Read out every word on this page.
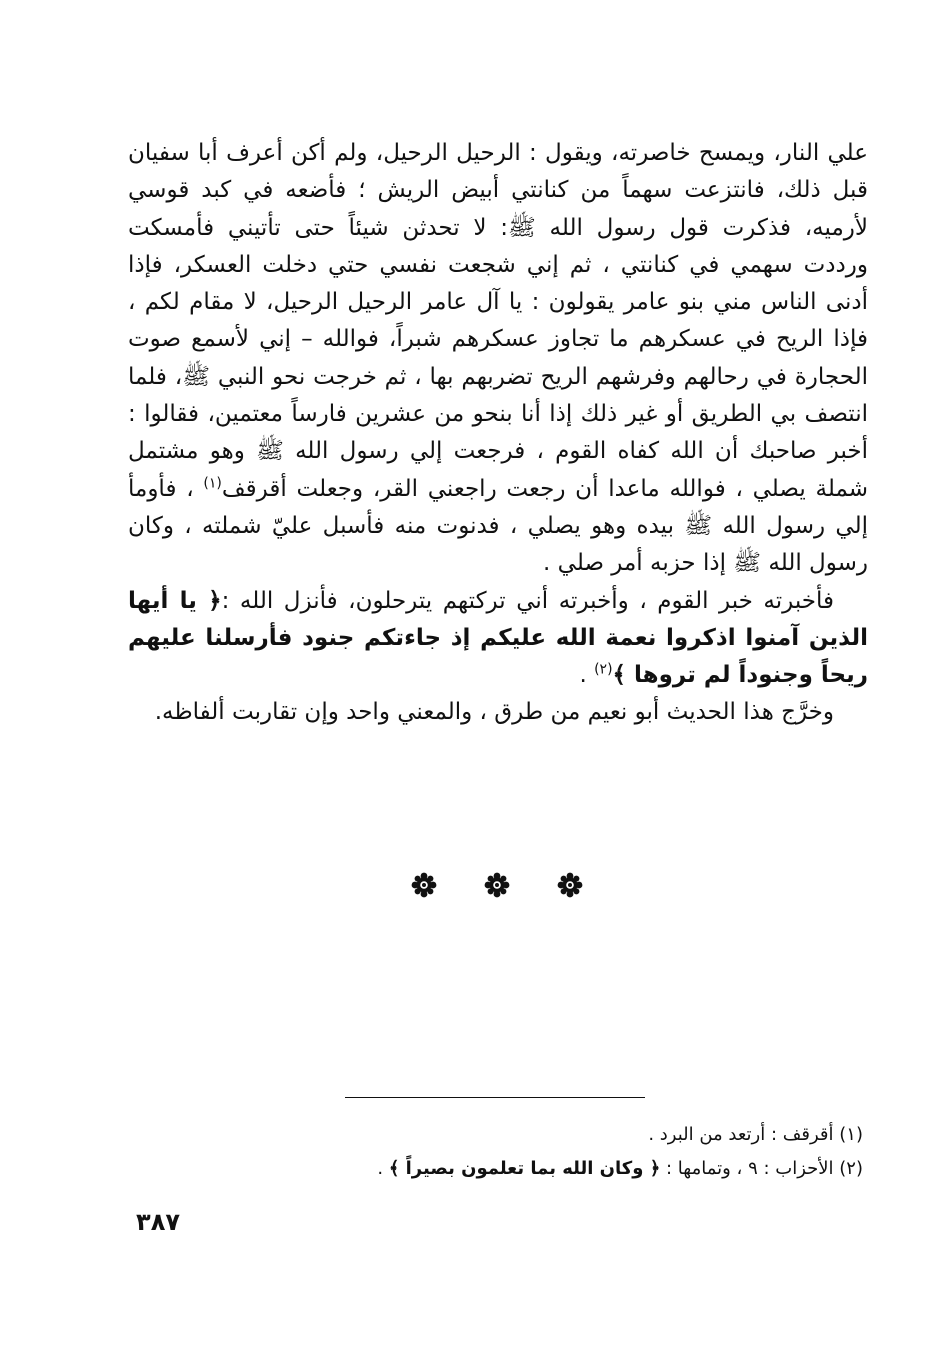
علي النار، ويمسح خاصرته، ويقول : الرحيل الرحيل، ولم أكن أعرف أبا سفيان قبل ذلك، فانتزعت سهماً من كنانتي أبيض الريش ؛ فأضعه في كبد قوسي لأرميه، فذكرت قول رسول الله ﷺ: لا تحدثن شيئاً حتى تأتيني فأمسكت ورددت سهمي في كنانتي ، ثم إني شجعت نفسي حتي دخلت العسكر، فإذا أدنى الناس مني بنو عامر يقولون : يا آل عامر الرحيل الرحيل، لا مقام لكم ، فإذا الريح في عسكرهم ما تجاوز عسكرهم شبراً، فوالله – إني لأسمع صوت الحجارة في رحالهم وفرشهم الريح تضربهم بها ، ثم خرجت نحو النبي ﷺ، فلما انتصف بي الطريق أو غير ذلك إذا أنا بنحو من عشرين فارساً معتمين، فقالوا : أخبر صاحبك أن الله كفاه القوم ، فرجعت إلي رسول الله ﷺ وهو مشتمل شملة يصلي ، فوالله ماعدا أن رجعت راجعني القر، وجعلت أقرقف$^{(١)}$ ، فأومأ إلي رسول الله ﷺ بيده وهو يصلي ، فدنوت منه فأسبل عليّ شملته ، وكان رسول الله ﷺ إذا حزبه أمر صلي .

فأخبرته خبر القوم ، وأخبرته أني تركتهم يترحلون، فأنزل الله :﴿ يا أيها الذين آمنوا اذكروا نعمة الله عليكم إذ جاءتكم جنود فأرسلنا عليهم ريحاً وجنوداً لم تروها ﴾$^{(٢)}$ .

وخرَّج هذا الحديث أبو نعيم من طرق ، والمعني واحد وإن تقاربت ألفاظه.

(١) أقرقف : أرتعد من البرد .

(٢) الأحزاب : ٩ ، وتمامها : ﴿ وكان الله بما تعلمون بصيراً ﴾ .

٣٨٧
